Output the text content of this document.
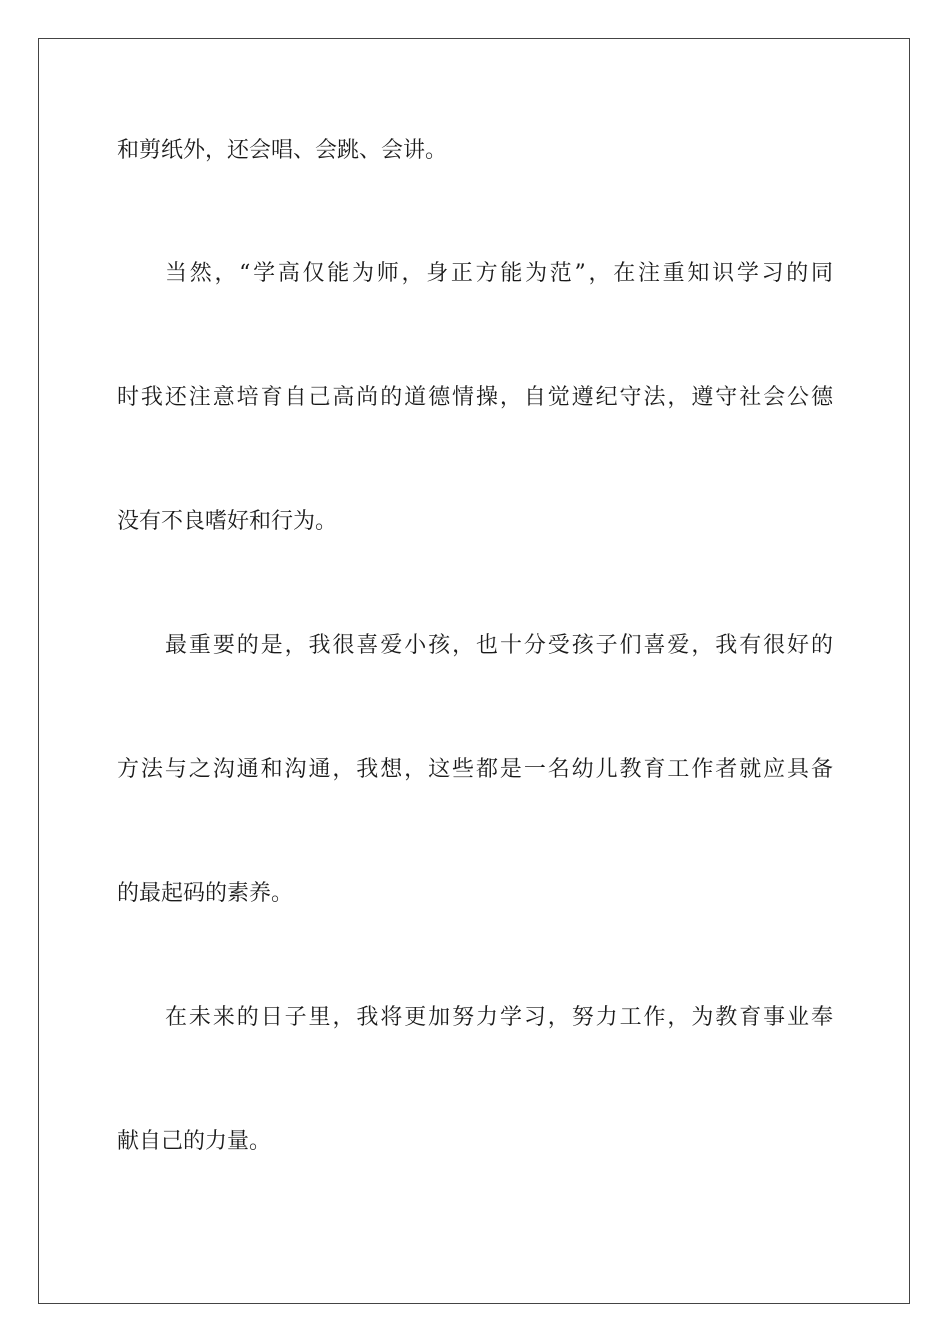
和剪纸外，还会唱、会跳、会讲。
当然，“学高仅能为师，身正方能为范”，在注重知识学习的同
时我还注意培育自己高尚的道德情操，自觉遵纪守法，遵守社会公德
没有不良嗜好和行为。
最重要的是，我很喜爱小孩，也十分受孩子们喜爱，我有很好的
方法与之沟通和沟通，我想，这些都是一名幼儿教育工作者就应具备
的最起码的素养。
在未来的日子里，我将更加努力学习，努力工作，为教育事业奉
献自己的力量。
